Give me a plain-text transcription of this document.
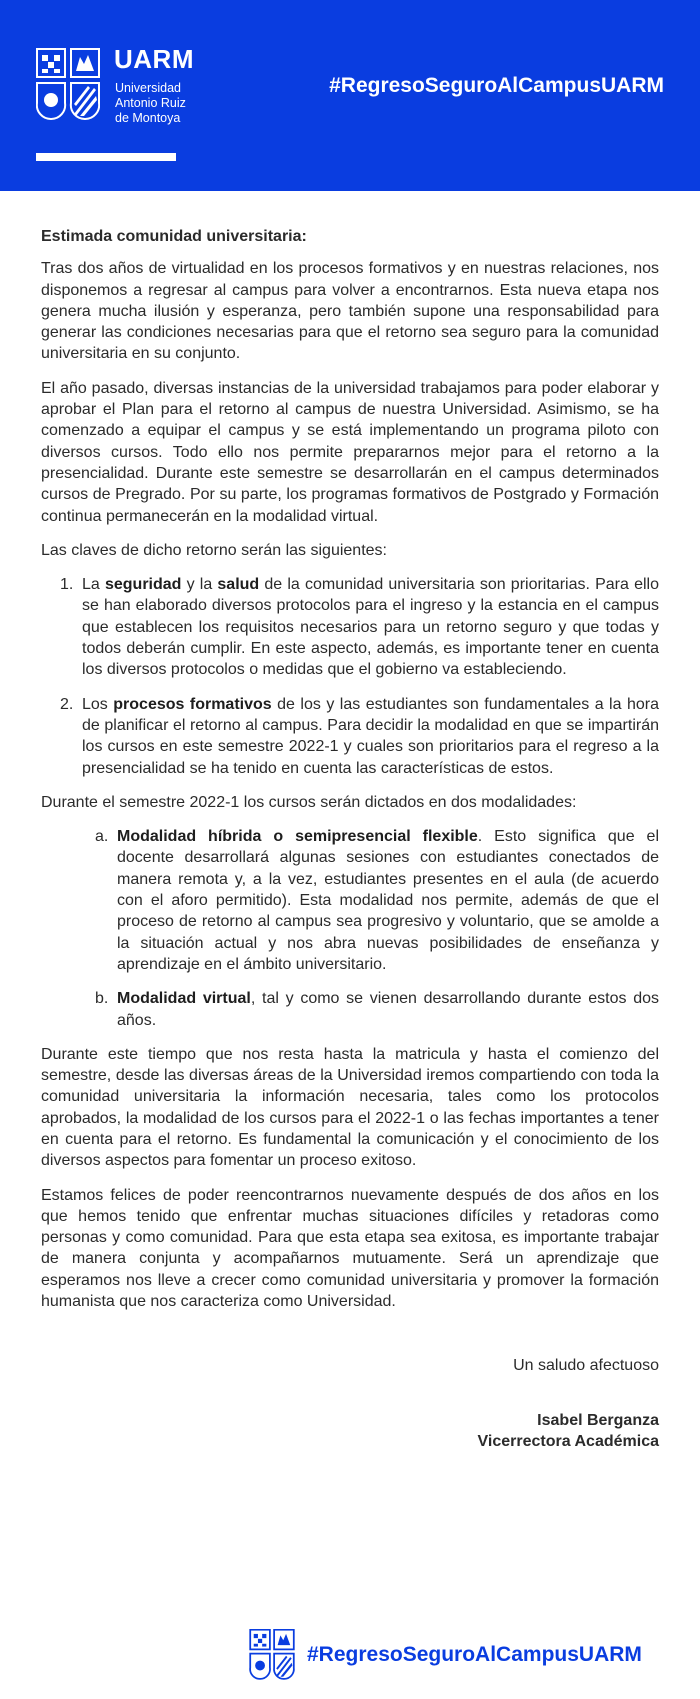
UARM
Universidad
Antonio Ruiz
de Montoya
#RegresoSeguroAlCampusUARM

Estimada comunidad universitaria:

Tras dos años de virtualidad en los procesos formativos y en nuestras relaciones, nos disponemos a regresar al campus para volver a encontrarnos. Esta nueva etapa nos genera mucha ilusión y esperanza, pero también supone una responsabilidad para generar las condiciones necesarias para que el retorno sea seguro para la comunidad universitaria en su conjunto.

El año pasado, diversas instancias de la universidad trabajamos para poder elaborar y aprobar el Plan para el retorno al campus de nuestra Universidad. Asimismo, se ha comenzado a equipar el campus y se está implementando un programa piloto con diversos cursos. Todo ello nos permite prepararnos mejor para el retorno a la presencialidad. Durante este semestre se desarrollarán en el campus determinados cursos de Pregrado. Por su parte, los programas formativos de Postgrado y Formación continua permanecerán en la modalidad virtual.

Las claves de dicho retorno serán las siguientes:

1. La seguridad y la salud de la comunidad universitaria son prioritarias. Para ello se han elaborado diversos protocolos para el ingreso y la estancia en el campus que establecen los requisitos necesarios para un retorno seguro y que todas y todos deberán cumplir. En este aspecto, además, es importante tener en cuenta los diversos protocolos o medidas que el gobierno va estableciendo.
2. Los procesos formativos de los y las estudiantes son fundamentales a la hora de planificar el retorno al campus. Para decidir la modalidad en que se impartirán los cursos en este semestre 2022-1 y cuales son prioritarios para el regreso a la presencialidad se ha tenido en cuenta las características de estos.

Durante el semestre 2022-1 los cursos serán dictados en dos modalidades:

a. Modalidad híbrida o semipresencial flexible. Esto significa que el docente desarrollará algunas sesiones con estudiantes conectados de manera remota y, a la vez, estudiantes presentes en el aula (de acuerdo con el aforo permitido). Esta modalidad nos permite, además de que el proceso de retorno al campus sea progresivo y voluntario, que se amolde a la situación actual y nos abra nuevas posibilidades de enseñanza y aprendizaje en el ámbito universitario.
b. Modalidad virtual, tal y como se vienen desarrollando durante estos dos años.

Durante este tiempo que nos resta hasta la matricula y hasta el comienzo del semestre, desde las diversas áreas de la Universidad iremos compartiendo con toda la comunidad universitaria la información necesaria, tales como los protocolos aprobados, la modalidad de los cursos para el 2022-1 o las fechas importantes a tener en cuenta para el retorno. Es fundamental la comunicación y el conocimiento de los diversos aspectos para fomentar un proceso exitoso.

Estamos felices de poder reencontrarnos nuevamente después de dos años en los que hemos tenido que enfrentar muchas situaciones difíciles y retadoras como personas y como comunidad. Para que esta etapa sea exitosa, es importante trabajar de manera conjunta y acompañarnos mutuamente. Será un aprendizaje que esperamos nos lleve a crecer como comunidad universitaria y promover la formación humanista que nos caracteriza como Universidad.

Un saludo afectuoso

Isabel Berganza
Vicerrectora Académica
#RegresoSeguroAlCampusUARM
